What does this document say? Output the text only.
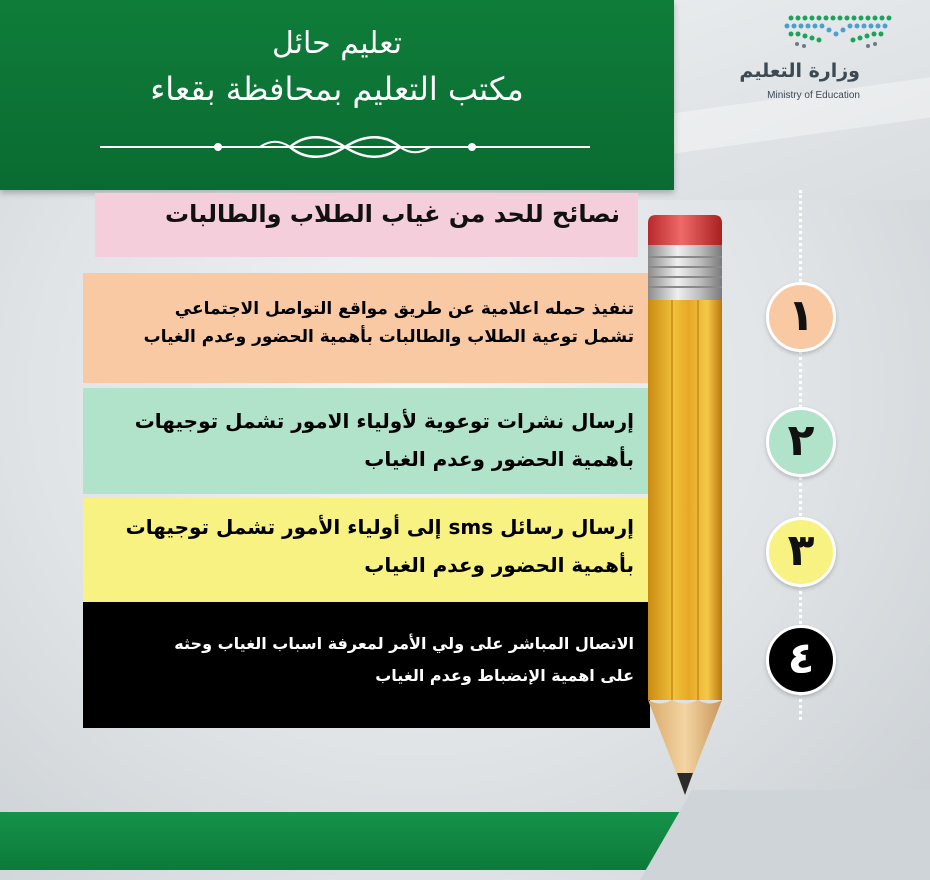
تعليم حائل
مكتب التعليم بمحافظة بقعاء	وزارة التعليم
Ministry of Education
نصائح للحد من غياب الطلاب والطالبات
تنفيذ حمله اعلامية عن طريق مواقع التواصل الاجتماعي
تشمل توعية الطلاب والطالبات بأهمية الحضور وعدم الغياب
إرسال نشرات توعوية لأولياء الامور تشمل توجيهات
بأهمية الحضور وعدم الغياب
إرسال رسائل sms إلى أولياء الأمور تشمل توجيهات
بأهمية الحضور وعدم الغياب
الاتصال المباشر على ولي الأمر لمعرفة اسباب الغياب وحثه
على اهمية الإنضباط وعدم الغياب
١
٢
٣
٤
